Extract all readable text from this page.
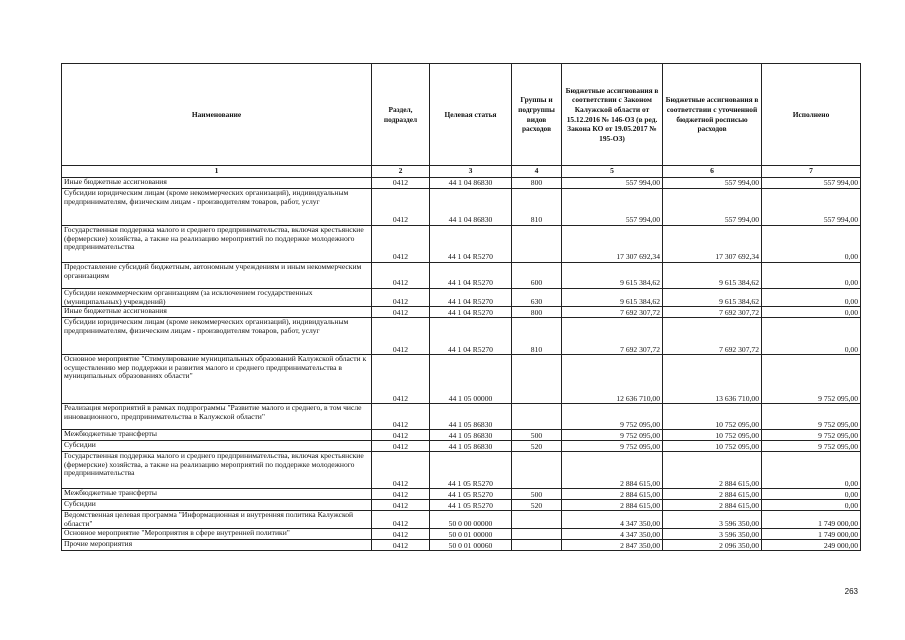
Наименование	Раздел, подраздел	Целевая статья	Группы и подгруппы видов расходов	Бюджетные ассигнования в соответствии с Законом Калужской области от 15.12.2016 № 146-ОЗ (в ред. Закона КО от 19.05.2017 № 195-ОЗ)	Бюджетные ассигнования в соответствии с уточненной бюджетной росписью расходов	Исполнено
1	2	3	4	5	6	7
Иные бюджетные ассигнования	0412	44 1 04 86830	800	557 994,00	557 994,00	557 994,00
Субсидии юридическим лицам (кроме некоммерческих организаций), индивидуальным предпринимателям, физическим лицам - производителям товаров, работ, услуг	0412	44 1 04 86830	810	557 994,00	557 994,00	557 994,00
Государственная поддержка малого и среднего предпринимательства, включая крестьянские (фермерские) хозяйства, а также на реализацию мероприятий по поддержке молодежного предпринимательства	0412	44 1 04 R5270		17 307 692,34	17 307 692,34	0,00
Предоставление субсидий бюджетным, автономным учреждениям и иным некоммерческим организациям	0412	44 1 04 R5270	600	9 615 384,62	9 615 384,62	0,00
Субсидии некоммерческим организациям (за исключением государственных (муниципальных) учреждений)	0412	44 1 04 R5270	630	9 615 384,62	9 615 384,62	0,00
Иные бюджетные ассигнования	0412	44 1 04 R5270	800	7 692 307,72	7 692 307,72	0,00
Субсидии юридическим лицам (кроме некоммерческих организаций), индивидуальным предпринимателям, физическим лицам - производителям товаров, работ, услуг	0412	44 1 04 R5270	810	7 692 307,72	7 692 307,72	0,00
Основное мероприятие "Стимулирование муниципальных образований Калужской области к осуществлению мер поддержки и развития малого и среднего предпринимательства в муниципальных образованиях области"	0412	44 1 05 00000		12 636 710,00	13 636 710,00	9 752 095,00
Реализация мероприятий в рамках подпрограммы "Развитие малого и среднего, в том числе инновационного, предпринимательства в Калужской области"	0412	44 1 05 86830		9 752 095,00	10 752 095,00	9 752 095,00
Межбюджетные трансферты	0412	44 1 05 86830	500	9 752 095,00	10 752 095,00	9 752 095,00
Субсидии	0412	44 1 05 86830	520	9 752 095,00	10 752 095,00	9 752 095,00
Государственная поддержка малого и среднего предпринимательства, включая крестьянские (фермерские) хозяйства, а также на реализацию мероприятий по поддержке молодежного предпринимательства	0412	44 1 05 R5270		2 884 615,00	2 884 615,00	0,00
Межбюджетные трансферты	0412	44 1 05 R5270	500	2 884 615,00	2 884 615,00	0,00
Субсидии	0412	44 1 05 R5270	520	2 884 615,00	2 884 615,00	0,00
Ведомственная целевая программа "Информационная и внутренняя политика Калужской области"	0412	50 0 00 00000		4 347 350,00	3 596 350,00	1 749 000,00
Основное мероприятие "Мероприятия в сфере внутренней политики"	0412	50 0 01 00000		4 347 350,00	3 596 350,00	1 749 000,00
Прочие мероприятия	0412	50 0 01 00060		2 847 350,00	2 096 350,00	249 000,00
263
